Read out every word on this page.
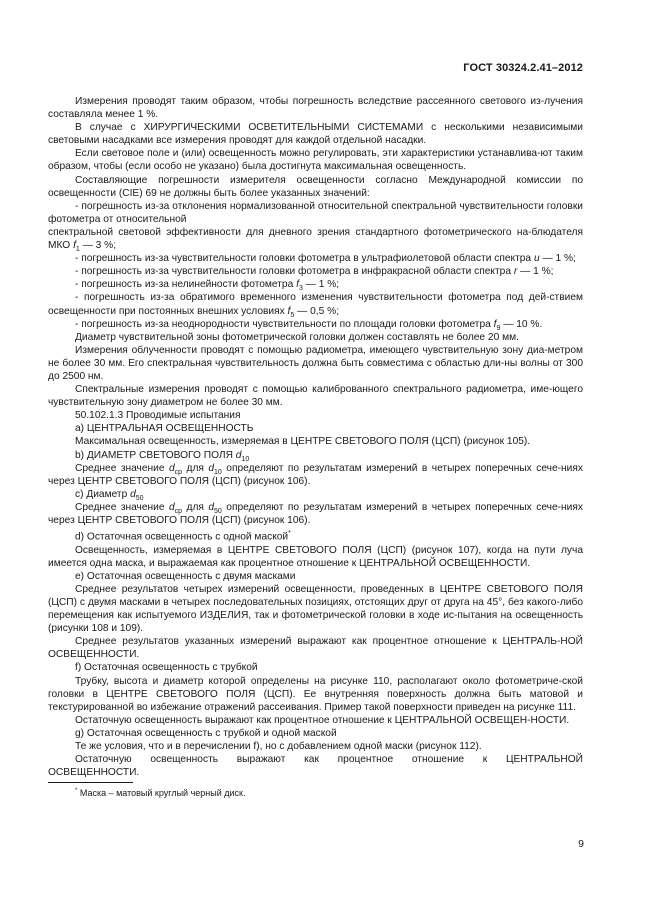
ГОСТ 30324.2.41–2012

Измерения проводят таким образом, чтобы погрешность вследствие рассеянного светового из-лучения составляла менее 1 %.

В случае с ХИРУРГИЧЕСКИМИ ОСВЕТИТЕЛЬНЫМИ СИСТЕМАМИ с несколькими независимыми световыми насадками все измерения проводят для каждой отдельной насадки.

Если световое поле и (или) освещенность можно регулировать, эти характеристики устанавлива-ют таким образом, чтобы (если особо не указано) была достигнута максимальная освещенность.

Составляющие погрешности измерителя освещенности согласно Международной комиссии по освещенности (CIE) 69 не должны быть более указанных значений:

- погрешность из-за отклонения нормализованной относительной спектральной чувствительности головки фотометра от относительной

спектральной световой эффективности для дневного зрения стандартного фотометрического на-блюдателя МКО $f_1$ — 3 %;

- погрешность из-за чувствительности головки фотометра в ультрафиолетовой области спектра u — 1 %;

- погрешность из-за чувствительности головки фотометра в инфракрасной области спектра r — 1 %;

- погрешность из-за нелинейности фотометра $f_3$ — 1 %;

- погрешность из-за обратимого временного изменения чувствительности фотометра под дей-ствием освещенности при постоянных внешних условиях $f_5$ — 0,5 %;

- погрешность из-за неоднородности чувствительности по площади головки фотометра $f_9$ — 10 %.

Диаметр чувствительной зоны фотометрической головки должен составлять не более 20 мм.

Измерения облученности проводят с помощью радиометра, имеющего чувствительную зону диа-метром не более 30 мм. Его спектральная чувствительность должна быть совместима с областью дли-ны волны от 300 до 2500 нм.

Спектральные измерения проводят с помощью калиброванного спектрального радиометра, име-ющего чувствительную зону диаметром не более 30 мм.

50.102.1.3 Проводимые испытания

а) ЦЕНТРАЛЬНАЯ ОСВЕЩЕННОСТЬ

Максимальная освещенность, измеряемая в ЦЕНТРЕ СВЕТОВОГО ПОЛЯ (ЦСП) (рисунок 105).

b) ДИАМЕТР СВЕТОВОГО ПОЛЯ $d_{10}$

Среднее значение $d_{ср}$ для $d_{10}$ определяют по результатам измерений в четырех поперечных сече-ниях через ЦЕНТР СВЕТОВОГО ПОЛЯ (ЦСП) (рисунок 106).

с) Диаметр $d_{50}$

Среднее значение $d_{ср}$ для $d_{50}$ определяют по результатам измерений в четырех поперечных сече-ниях через ЦЕНТР СВЕТОВОГО ПОЛЯ (ЦСП) (рисунок 106).

d) Остаточная освещенность с одной маской*

Освещенность, измеряемая в ЦЕНТРЕ СВЕТОВОГО ПОЛЯ (ЦСП) (рисунок 107), когда на пути луча имеется одна маска, и выражаемая как процентное отношение к ЦЕНТРАЛЬНОЙ ОСВЕЩЕННОСТИ.

e) Остаточная освещенность с двумя масками

Среднее результатов четырех измерений освещенности, проведенных в ЦЕНТРЕ СВЕТОВОГО ПОЛЯ (ЦСП) с двумя масками в четырех последовательных позициях, отстоящих друг от друга на 45°, без какого-либо перемещения как испытуемого ИЗДЕЛИЯ, так и фотометрической головки в ходе ис-пытания на освещенность (рисунки 108 и 109).

Среднее результатов указанных измерений выражают как процентное отношение к ЦЕНТРАЛЬ-НОЙ ОСВЕЩЕННОСТИ.

f) Остаточная освещенность с трубкой

Трубку, высота и диаметр которой определены на рисунке 110, располагают около фотометриче-ской головки в ЦЕНТРЕ СВЕТОВОГО ПОЛЯ (ЦСП). Ее внутренняя поверхность должна быть матовой и текстурированной во избежание отражений рассеивания. Пример такой поверхности приведен на рисунке 111.

Остаточную освещенность выражают как процентное отношение к ЦЕНТРАЛЬНОЙ ОСВЕЩЕН-НОСТИ.

g) Остаточная освещенность с трубкой и одной маской

Те же условия, что и в перечислении f), но с добавлением одной маски (рисунок 112).

Остаточную освещенность выражают как процентное отношение к ЦЕНТРАЛЬНОЙ

ОСВЕЩЕННОСТИ.

* Маска – матовый круглый черный диск.

9
